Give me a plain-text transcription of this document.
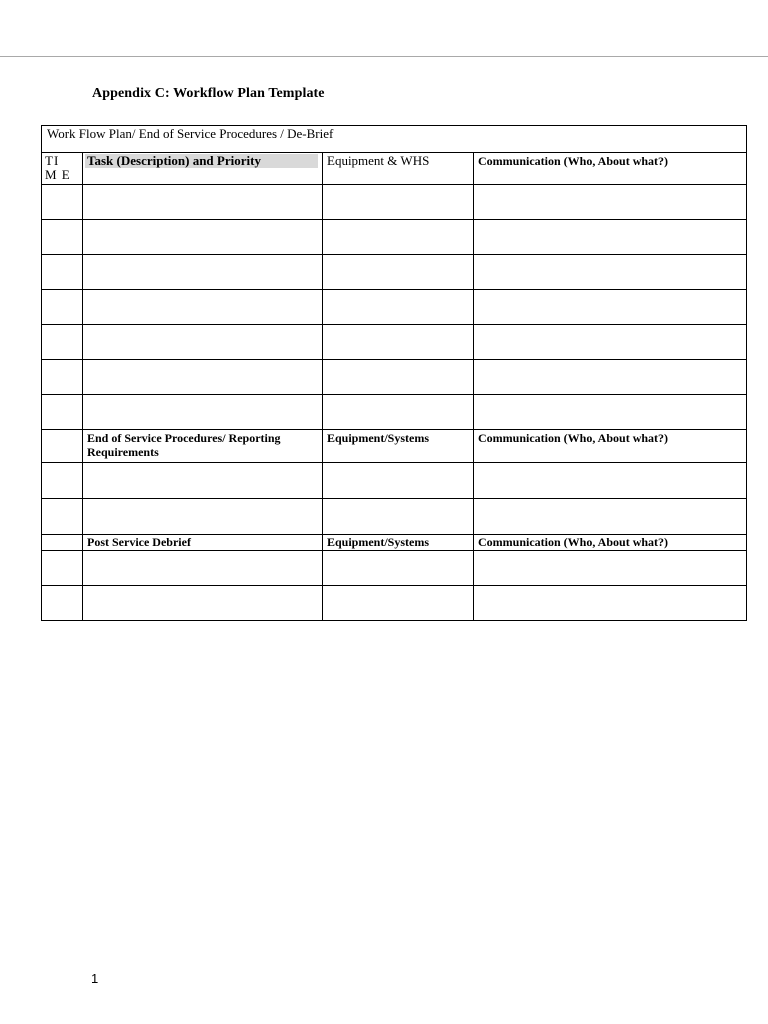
Appendix C: Workflow Plan Template
Work Flow Plan/ End of Service Procedures / De-Brief			

TIM E	Task (Description) and Priority	Equipment & WHS	Communication (Who, About what?)

	End of Service Procedures/ Reporting Requirements	Equipment/Systems	Communication (Who, About what?)

	Post Service Debrief	Equipment/Systems	Communication (Who, About what?)

1
